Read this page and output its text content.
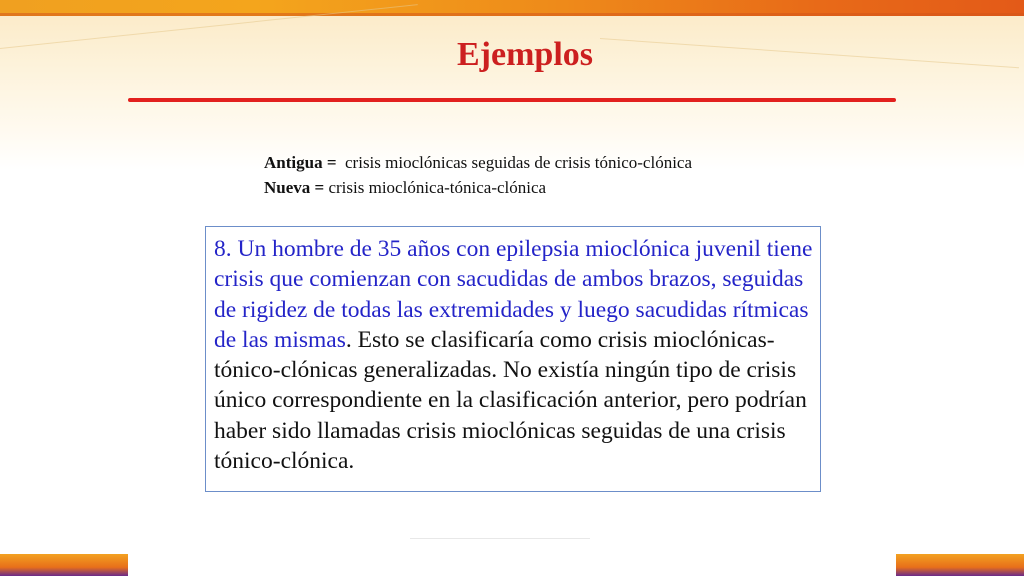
Ejemplos
Antigua = crisis mioclónicas seguidas de crisis tónico-clónica
Nueva = crisis mioclónica-tónica-clónica
8. Un hombre de 35 años con epilepsia mioclónica juvenil tiene crisis que comienzan con sacudidas de ambos brazos, seguidas de rigidez de todas las extremidades y luego sacudidas rítmicas de las mismas. Esto se clasificaría como crisis mioclónicas-tónico-clónicas generalizadas. No existía ningún tipo de crisis único correspondiente en la clasificación anterior, pero podrían haber sido llamadas crisis mioclónicas seguidas de una crisis tónico-clónica.
